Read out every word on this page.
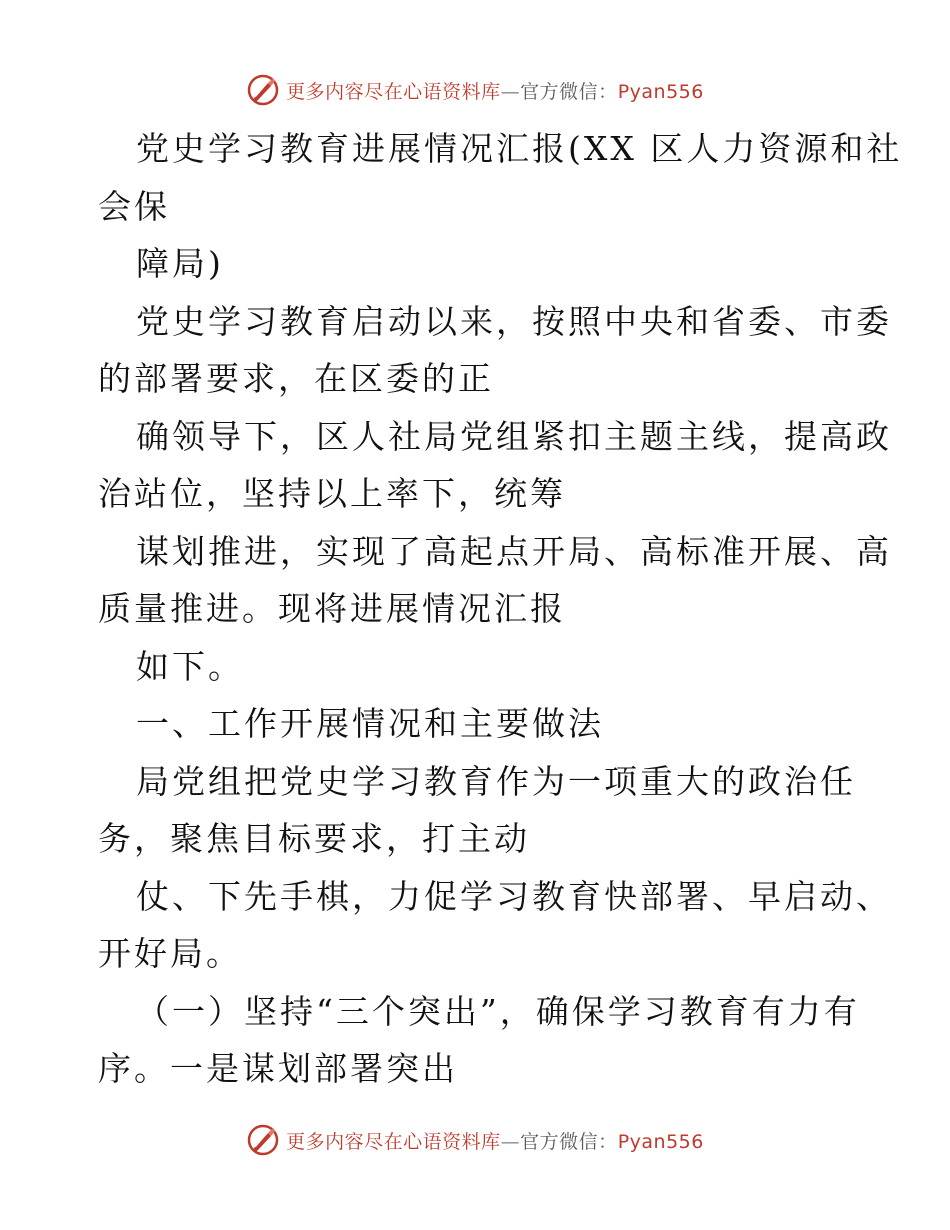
更多内容尽在心语资料库—官方微信：Pyan556
党史学习教育进展情况汇报(XX 区人力资源和社
会保
障局)
党史学习教育启动以来，按照中央和省委、市委
的部署要求，在区委的正
确领导下，区人社局党组紧扣主题主线，提高政
治站位，坚持以上率下，统筹
谋划推进，实现了高起点开局、高标准开展、高
质量推进。现将进展情况汇报
如下。
一、工作开展情况和主要做法
局党组把党史学习教育作为一项重大的政治任
务，聚焦目标要求，打主动
仗、下先手棋，力促学习教育快部署、早启动、
开好局。
（一）坚持“三个突出”，确保学习教育有力有
序。一是谋划部署突出
更多内容尽在心语资料库—官方微信：Pyan556
